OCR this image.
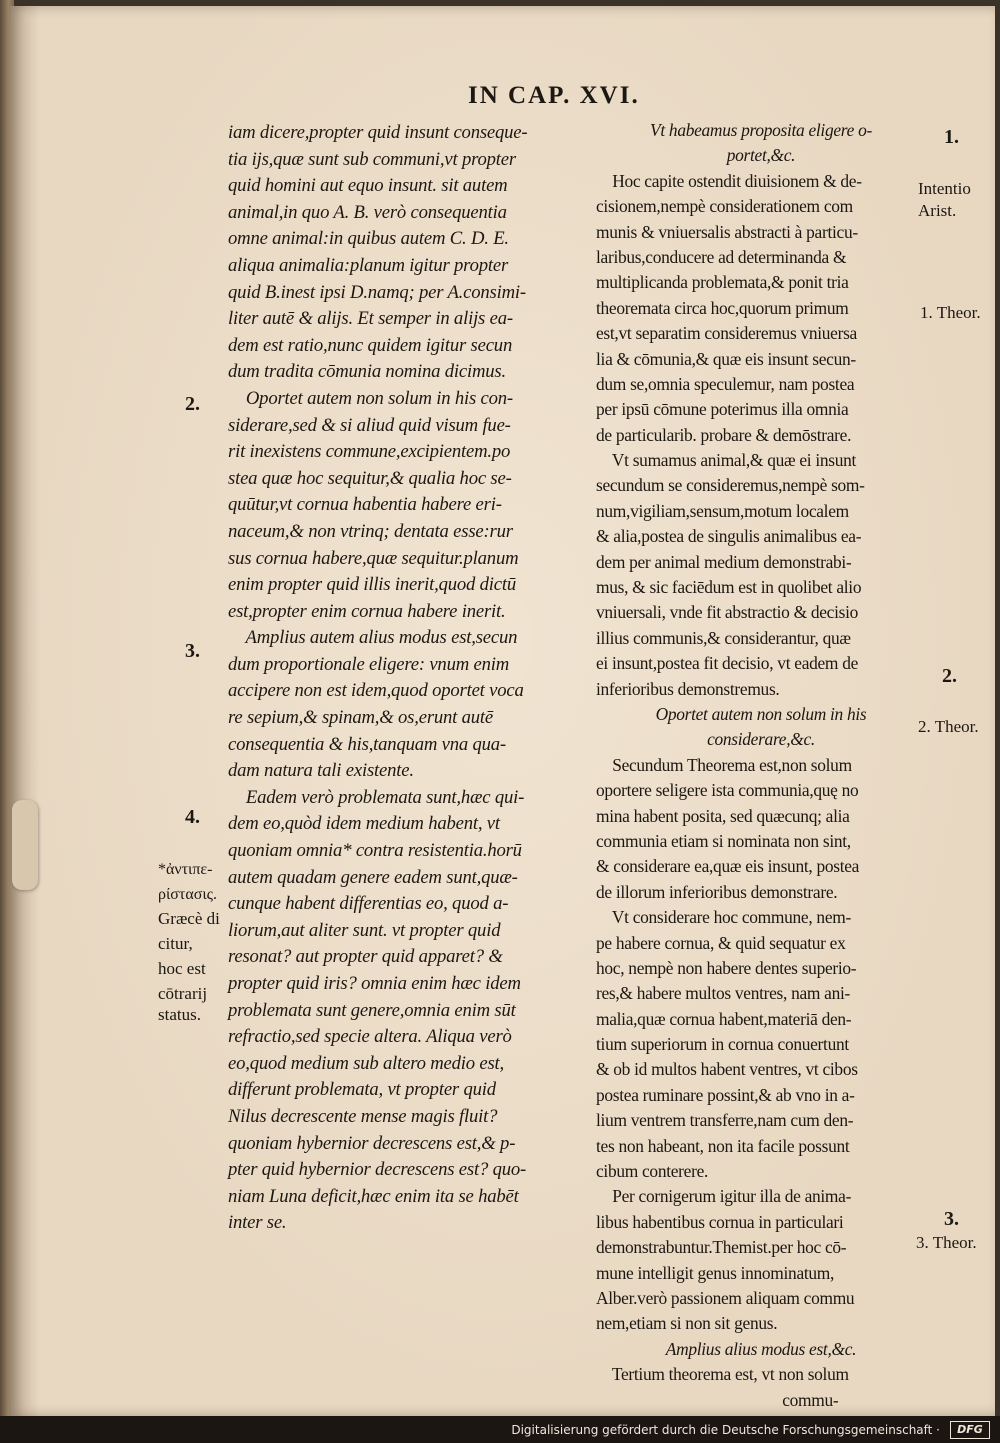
IN CAP. XVI.
iam dicere,propter quid insunt conseque-
tia ijs,quæ sunt sub communi,vt propter
quid homini aut equo insunt. sit autem
animal,in quo A. B. verò consequentia
omne animal:in quibus autem C. D. E.
aliqua animalia:planum igitur propter
quid B.inest ipsi D.namq; per A.consimi-
liter autē & alijs. Et semper in alijs ea-
dem est ratio,nunc quidem igitur secun
dum tradita cōmunia nomina dicimus.
Oportet autem non solum in his con-
siderare,sed & si aliud quid visum fue-
rit inexistens commune,excipientem.po
stea quæ hoc sequitur,& qualia hoc se-
quūtur,vt cornua habentia habere eri-
naceum,& non vtrinq; dentata esse:rur
sus cornua habere,quæ sequitur.planum
enim propter quid illis inerit,quod dictū
est,propter enim cornua habere inerit.
Amplius autem alius modus est,secun
dum proportionale eligere: vnum enim
accipere non est idem,quod oportet voca
re sepium,& spinam,& os,erunt autē
consequentia & his,tanquam vna qua-
dam natura tali existente.
Eadem verò problemata sunt,hæc qui-
dem eo,quòd idem medium habent, vt
quoniam omnia* contra resistentia.horū
autem quadam genere eadem sunt,quæ-
cunque habent differentias eo, quod a-
liorum,aut aliter sunt. vt propter quid
resonat? aut propter quid apparet? &
propter quid iris? omnia enim hæc idem
problemata sunt genere,omnia enim sūt
refractio,sed specie altera. Aliqua verò
eo,quod medium sub altero medio est,
differunt problemata, vt propter quid
Nilus decrescente mense magis fluit?
quoniam hybernior decrescens est,& p-
pter quid hybernior decrescens est? quo-
niam Luna deficit,hæc enim ita se habēt
inter se.
Vt habeamus proposita eligere o-
portet,&c.
Hoc capite ostendit diuisionem & de-
cisionem,nempè considerationem com
munis & vniuersalis abstracti à particu-
laribus,conducere ad determinanda &
multiplicanda problemata,& ponit tria
theoremata circa hoc,quorum primum
est,vt separatim consideremus vniuersa
lia & cōmunia,& quæ eis insunt secun-
dum se,omnia speculemur, nam postea
per ipsū cōmune poterimus illa omnia
de particularib. probare & demōstrare.
Vt sumamus animal,& quæ ei insunt
secundum se consideremus,nempè som-
num,vigiliam,sensum,motum localem
& alia,postea de singulis animalibus ea-
dem per animal medium demonstrabi-
mus, & sic faciēdum est in quolibet alio
vniuersali, vnde fit abstractio & decisio
illius communis,& considerantur, quæ
ei insunt,postea fit decisio, vt eadem de
inferioribus demonstremus.
Oportet autem non solum in his
considerare,&c.
Secundum Theorema est,non solum
oportere seligere ista communia,quę no
mina habent posita, sed quæcunq; alia
communia etiam si nominata non sint,
& considerare ea,quæ eis insunt, postea
de illorum inferioribus demonstrare.
Vt considerare hoc commune, nem-
pe habere cornua, & quid sequatur ex
hoc, nempè non habere dentes superio-
res,& habere multos ventres, nam ani-
malia,quæ cornua habent,materiā den-
tium superiorum in cornua conuertunt
& ob id multos habent ventres, vt cibos
postea ruminare possint,& ab vno in a-
lium ventrem transferre,nam cum den-
tes non habeant, non ita facile possunt
cibum conterere.
Per cornigerum igitur illa de anima-
libus habentibus cornua in particulari
demonstrabuntur.Themist.per hoc cō-
mune intelligit genus innominatum,
Alber.verò passionem aliquam commu
nem,etiam si non sit genus.
Amplius alius modus est,&c.
Tertium theorema est, vt non solum
commu-
2.
3.
4.
*ἀντιπε-
ρίστασις.
Græcè di
citur,
hoc est
cōtrarij
status.
1.
Intentio
Arist.
1. Theor.
2.
2. Theor.
3.
3. Theor.
Digitalisierung gefördert durch die Deutsche Forschungsgemeinschaft ·	DFG
